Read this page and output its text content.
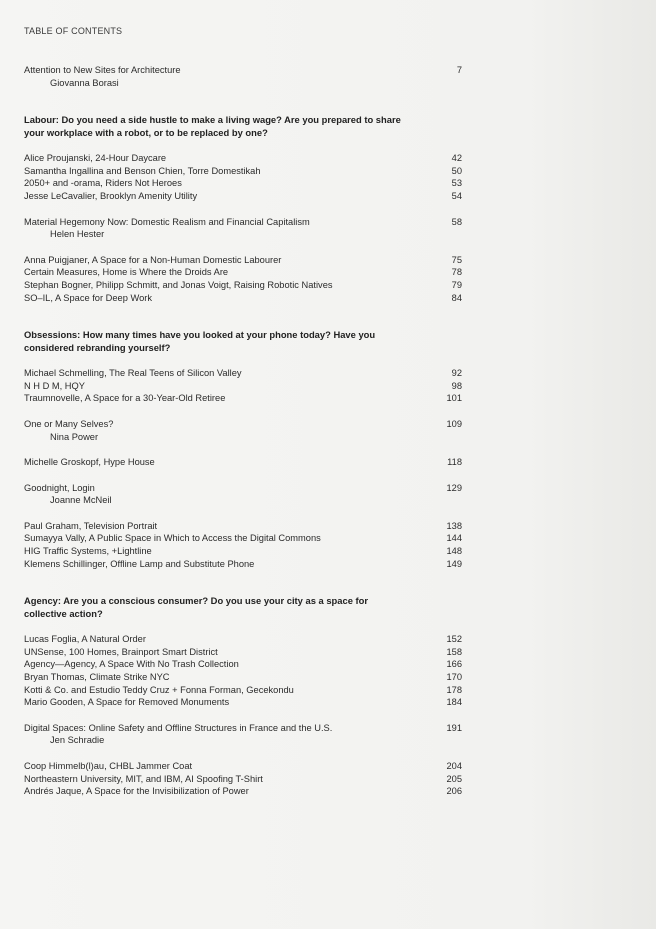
TABLE OF CONTENTS
Attention to New Sites for Architecture	7
Giovanna Borasi
Labour: Do you need a side hustle to make a living wage? Are you prepared to share your workplace with a robot, or to be replaced by one?
Alice Proujanski, 24-Hour Daycare	42
Samantha Ingallina and Benson Chien, Torre Domestikah	50
2050+ and -orama, Riders Not Heroes	53
Jesse LeCavalier, Brooklyn Amenity Utility	54
Material Hegemony Now: Domestic Realism and Financial Capitalism	58
Helen Hester
Anna Puigjaner, A Space for a Non-Human Domestic Labourer	75
Certain Measures, Home is Where the Droids Are	78
Stephan Bogner, Philipp Schmitt, and Jonas Voigt, Raising Robotic Natives	79
SO–IL, A Space for Deep Work	84
Obsessions: How many times have you looked at your phone today? Have you considered rebranding yourself?
Michael Schmelling, The Real Teens of Silicon Valley	92
N H D M, HQY	98
Traumnovelle, A Space for a 30-Year-Old Retiree	101
One or Many Selves?	109
Nina Power
Michelle Groskopf, Hype House	118
Goodnight, Login	129
Joanne McNeil
Paul Graham, Television Portrait	138
Sumayya Vally, A Public Space in Which to Access the Digital Commons	144
HIG Traffic Systems, +Lightline	148
Klemens Schillinger, Offline Lamp and Substitute Phone	149
Agency: Are you a conscious consumer? Do you use your city as a space for collective action?
Lucas Foglia, A Natural Order	152
UNSense, 100 Homes, Brainport Smart District	158
Agency—Agency, A Space With No Trash Collection	166
Bryan Thomas, Climate Strike NYC	170
Kotti & Co. and Estudio Teddy Cruz + Fonna Forman, Gecekondu	178
Mario Gooden, A Space for Removed Monuments	184
Digital Spaces: Online Safety and Offline Structures in France and the U.S.	191
Jen Schradie
Coop Himmelb(l)au, CHBL Jammer Coat	204
Northeastern University, MIT, and IBM, AI Spoofing T-Shirt	205
Andrés Jaque, A Space for the Invisibilization of Power	206
